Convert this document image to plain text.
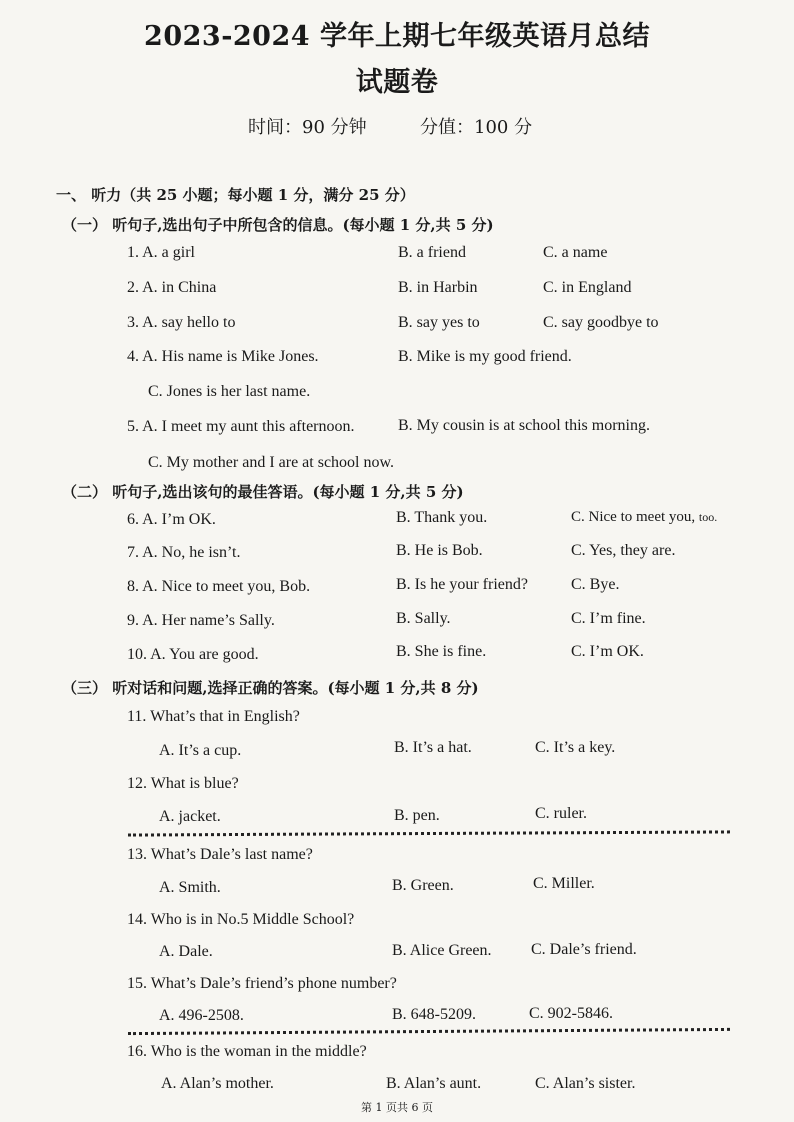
2023-2024 学年上期七年级英语月总结
试题卷
时间：90 分钟	分值：100 分
一、 听力（共 25 小题；每小题 1 分，满分 25 分）
（一） 听句子,选出句子中所包含的信息。(每小题 1 分,共 5 分)
1. A. a girl	B. a friend	C. a name
2. A. in China	B. in Harbin	C. in England
3. A. say hello to	B. say yes to	C. say goodbye to
4. A. His name is Mike Jones.	B. Mike is my good friend.
C. Jones is her last name.
5. A. I meet my aunt this afternoon.	B. My cousin is at school this morning.
C. My mother and I are at school now.
（二） 听句子,选出该句的最佳答语。(每小题 1 分,共 5 分)
6. A. I’m OK.	B. Thank you.	C. Nice to meet you, too.
7. A. No, he isn’t.	B. He is Bob.	C. Yes, they are.
8. A. Nice to meet you, Bob.	B. Is he your friend?	C. Bye.
9. A. Her name’s Sally.	B. Sally.	C. I’m fine.
10. A. You are good.	B. She is fine.	C. I’m OK.
（三） 听对话和问题,选择正确的答案。(每小题 1 分,共 8 分)
11. What’s that in English?
A. It’s a cup.	B. It’s a hat.	C. It’s a key.
12. What is blue?
A. jacket.	B. pen.	C. ruler.
13. What’s Dale’s last name?
A. Smith.	B. Green.	C. Miller.
14. Who is in No.5 Middle School?
A. Dale.	B. Alice Green. C. Dale’s friend.
15. What’s Dale’s friend’s phone number?
A. 496-2508.	B. 648-5209.	C. 902-5846.
16. Who is the woman in the middle?
A. Alan’s mother.	B. Alan’s aunt.	C. Alan’s sister.
第 1 页共 6 页
